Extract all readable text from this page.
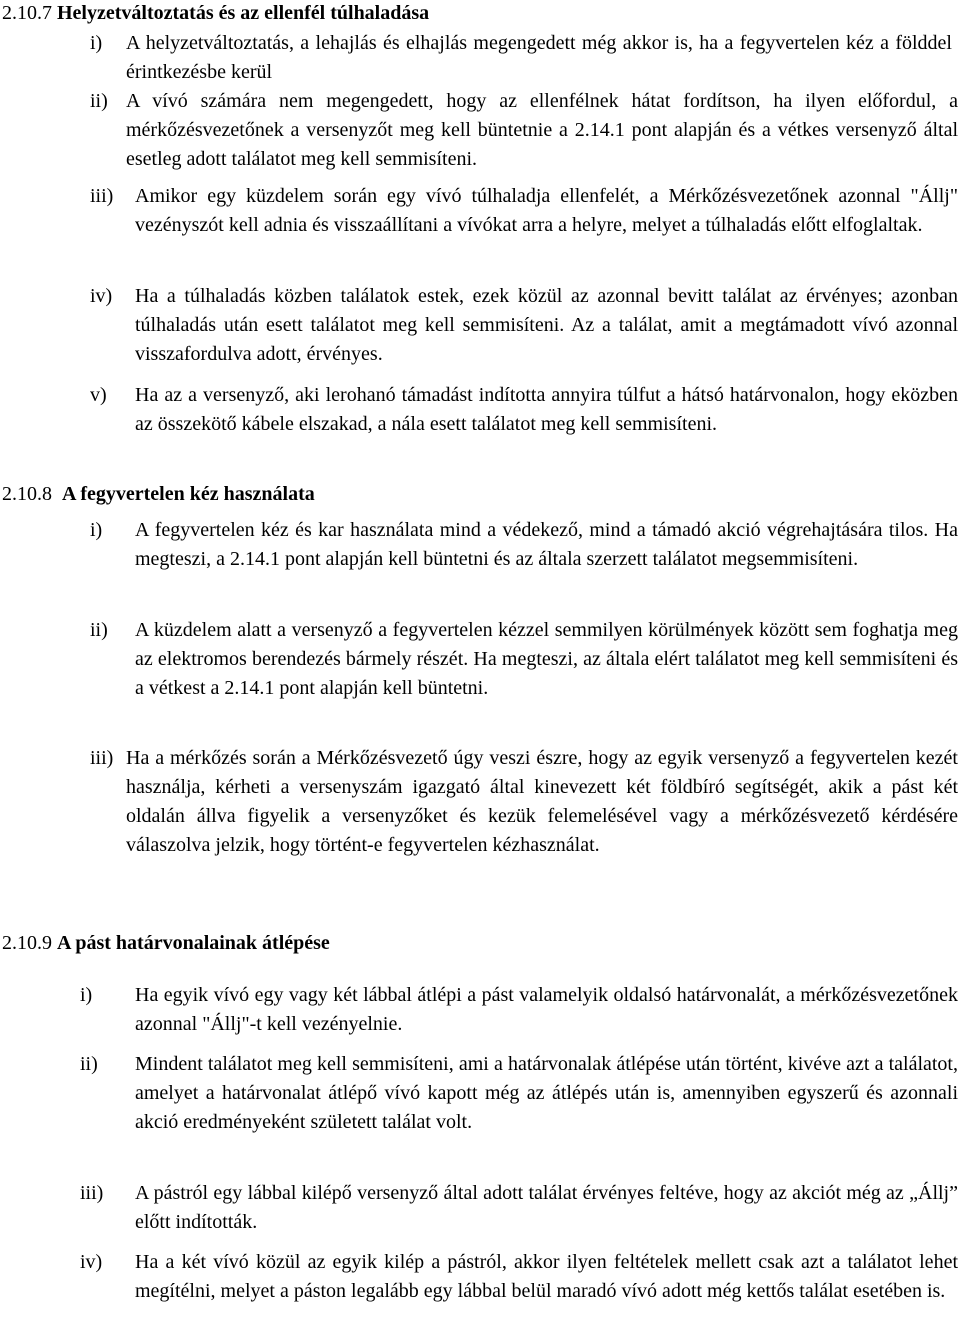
2.10.7 Helyzetváltoztatás és az ellenfél túlhaladása
i)	A helyzetváltoztatás, a lehajlás és elhajlás megengedett még akkor is, ha a fegyvertelen kéz a földdel érintkezésbe kerül
ii) A vívó számára nem megengedett, hogy az ellenfélnek hátat fordítson, ha ilyen előfordul, a mérkőzésvezetőnek a versenyzőt meg kell büntetnie a 2.14.1 pont alapján és a vétkes versenyző által esetleg adott találatot meg kell semmisíteni.
iii)	Amikor egy küzdelem során egy vívó túlhaladja ellenfelét, a Mérkőzésvezetőnek azonnal "Állj" vezényszót kell adnia és visszaállítani a vívókat arra a helyre, melyet a túlhaladás előtt elfoglaltak.
iv)	Ha a túlhaladás közben találatok estek, ezek közül az azonnal bevitt találat az érvényes; azonban túlhaladás után esett találatot meg kell semmisíteni. Az a találat, amit a megtámadott vívó azonnal visszafordulva adott, érvényes.
v)	Ha az a versenyző, aki lerohanó támadást indította annyira túlfut a hátsó határvonalon, hogy eközben az összekötő kábele elszakad, a nála esett találatot meg kell semmisíteni.
2.10.8 A fegyvertelen kéz használata
i)	A fegyvertelen kéz és kar használata mind a védekező, mind a támadó akció végrehajtására tilos. Ha megteszi, a 2.14.1 pont alapján kell büntetni és az általa szerzett találatot megsemmisíteni.
ii)	A küzdelem alatt a versenyző a fegyvertelen kézzel semmilyen körülmények között sem foghatja meg az elektromos berendezés bármely részét. Ha megteszi, az általa elért találatot meg kell semmisíteni és a vétkest a 2.14.1 pont alapján kell büntetni.
iii) Ha a mérkőzés során a Mérkőzésvezető úgy veszi észre, hogy az egyik versenyző a fegyvertelen kezét használja, kérheti a versenyszám igazgató által kinevezett két földbíró segítségét, akik a pást két oldalán állva figyelik a versenyzőket és kezük felemelésével vagy a mérkőzésvezető kérdésére válaszolva jelzik, hogy történt-e fegyvertelen kézhasználat.
2.10.9 A pást határvonalainak átlépése
i)	Ha egyik vívó egy vagy két lábbal átlépi a pást valamelyik oldalsó határvonalát, a mérkőzésvezetőnek azonnal "Állj"-t kell vezényelnie.
ii)	Mindent találatot meg kell semmisíteni, ami a határvonalak átlépése után történt, kivéve azt a találatot, amelyet a határvonalat átlépő vívó kapott még az átlépés után is, amennyiben egyszerű és azonnali akció eredményeként született találat volt.
iii)	A pástról egy lábbal kilépő versenyző által adott találat érvényes feltéve, hogy az akciót még az „Állj” előtt indították.
iv)	Ha a két vívó közül az egyik kilép a pástról, akkor ilyen feltételek mellett csak azt a találatot lehet megítélni, melyet a páston legalább egy lábbal belül maradó vívó adott még kettős találat esetében is.
